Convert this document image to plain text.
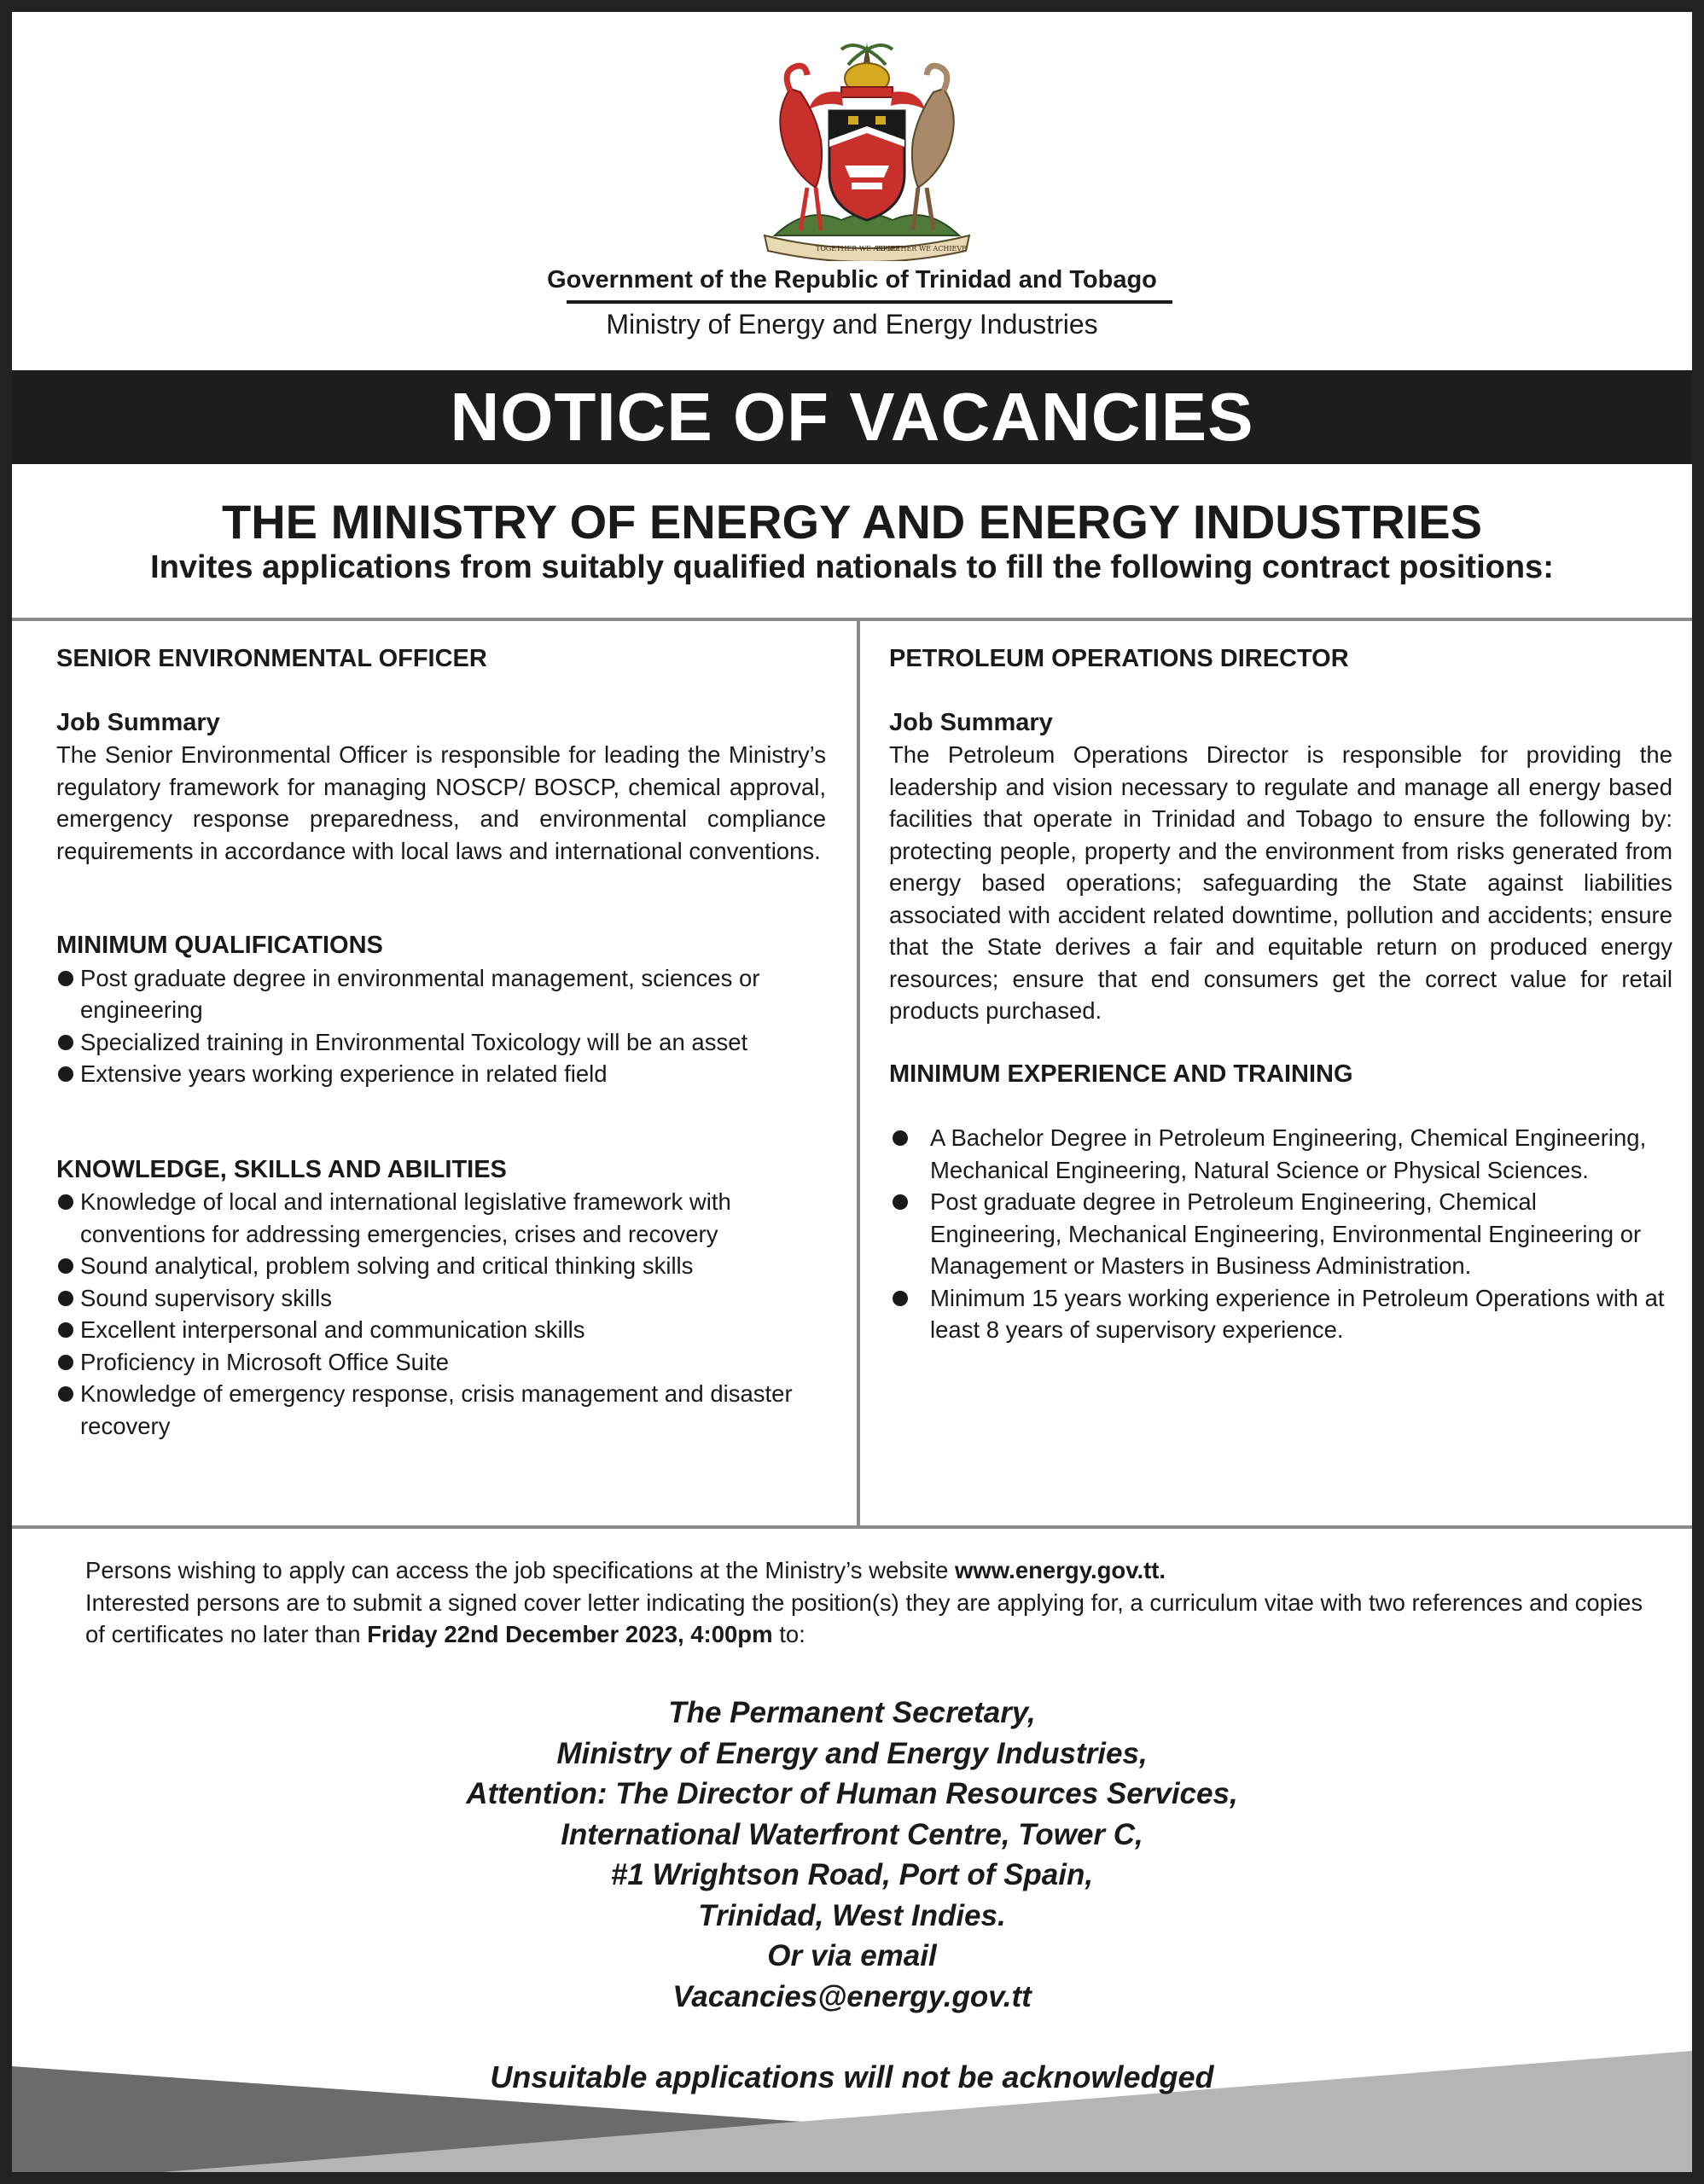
TOGETHER WE ASPIRE
TOGETHER WE ACHIEVE
Government of the Republic of Trinidad and Tobago
Ministry of Energy and Energy Industries
NOTICE OF VACANCIES
THE MINISTRY OF ENERGY AND ENERGY INDUSTRIES
Invites applications from suitably qualified nationals to fill the following contract positions:

SENIOR ENVIRONMENTAL OFFICER

Job Summary

The Senior Environmental Officer is responsible for leading the Ministry’s regulatory framework for managing NOSCP/ BOSCP, chemical approval, emergency response preparedness, and environmental compliance requirements in accordance with local laws and international conventions.

MINIMUM QUALIFICATIONS

Post graduate degree in environmental management, sciences or engineering
Specialized training in Environmental Toxicology will be an asset
Extensive years working experience in related field

KNOWLEDGE, SKILLS AND ABILITIES

Knowledge of local and international legislative framework with conventions for addressing emergencies, crises and recovery
Sound analytical, problem solving and critical thinking skills
Sound supervisory skills
Excellent interpersonal and communication skills
Proficiency in Microsoft Office Suite
Knowledge of emergency response, crisis management and disaster recovery

PETROLEUM OPERATIONS DIRECTOR

Job Summary

The Petroleum Operations Director is responsible for providing the leadership and vision necessary to regulate and manage all energy based facilities that operate in Trinidad and Tobago to ensure the following by: protecting people, property and the environment from risks generated from energy based operations; safeguarding the State against liabilities associated with accident related downtime, pollution and accidents; ensure that the State derives a fair and equitable return on produced energy resources; ensure that end consumers get the correct value for retail products purchased.

MINIMUM EXPERIENCE AND TRAINING

A Bachelor Degree in Petroleum Engineering, Chemical Engineering, Mechanical Engineering, Natural Science or Physical Sciences.
Post graduate degree in Petroleum Engineering, Chemical Engineering, Mechanical Engineering, Environmental Engineering or Management or Masters in Business Administration.
Minimum 15 years working experience in Petroleum Operations with at least 8 years of supervisory experience.
Persons wishing to apply can access the job specifications at the Ministry’s website www.energy.gov.tt.
Interested persons are to submit a signed cover letter indicating the position(s) they are applying for, a curriculum vitae with two references and copies of certificates no later than Friday 22nd December 2023, 4:00pm to:
The Permanent Secretary,
Ministry of Energy and Energy Industries,
Attention: The Director of Human Resources Services,
International Waterfront Centre, Tower C,
#1 Wrightson Road, Port of Spain,
Trinidad, West Indies.
Or via email
Vacancies@energy.gov.tt
Unsuitable applications will not be acknowledged
